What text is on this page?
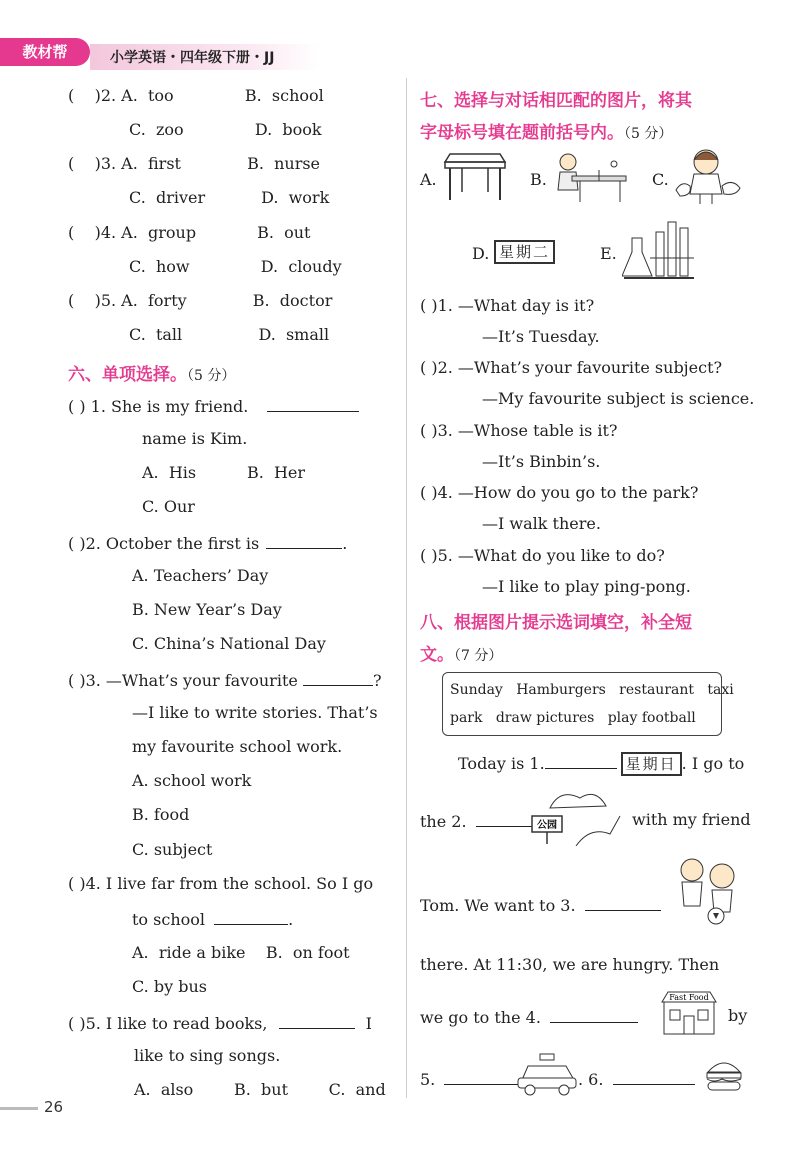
教材帮	小学英语・四年级下册・JJ
(    )2. A.  too              B.  school
C.  zoo              D.  book
(    )3. A.  first             B.  nurse
C.  driver           D.  work
(    )4. A.  group            B.  out
C.  how              D.  cloudy
(    )5. A.  forty             B.  doctor
C.  tall               D.  small
六、单项选择。（5 分）
( ) 1. She is my friend.
name is Kim.
A.  His          B.  Her
C. Our
( )2. October the first is	.
A. Teachers’ Day
B. New Year’s Day
C. China’s National Day
( )3. —What’s your favourite	?
—I like to write stories. That’s
my favourite school work.
A. school work
B. food
C. subject
( )4. I live far from the school. So I go
to school	.
A.  ride a bike    B.  on foot
C. by bus
( )5. I like to read books,	I
like to sing songs.
A.  also        B.  but        C.  and
七、选择与对话相匹配的图片，将其
字母标号填在题前括号内。（5 分）
A.	B.	C.
D. 星期二	E.
( )1. —What day is it?
—It’s Tuesday.
( )2. —What’s your favourite subject?
—My favourite subject is science.
( )3. —Whose table is it?
—It’s Binbin’s.
( )4. —How do you go to the park?
—I walk there.
( )5. —What do you like to do?
—I like to play ping-pong.
八、根据图片提示选词填空，补全短
文。（7 分）
Sunday   Hamburgers   restaurant   taxi
park   draw pictures   play football
Today is 1.	星期日 . I go to
the 2.	公园	with my friend
Tom. We want to 3.
there. At 11:30, we are hungry. Then
we go to the 4.
Fast Food
by
5.	. 6.
26
